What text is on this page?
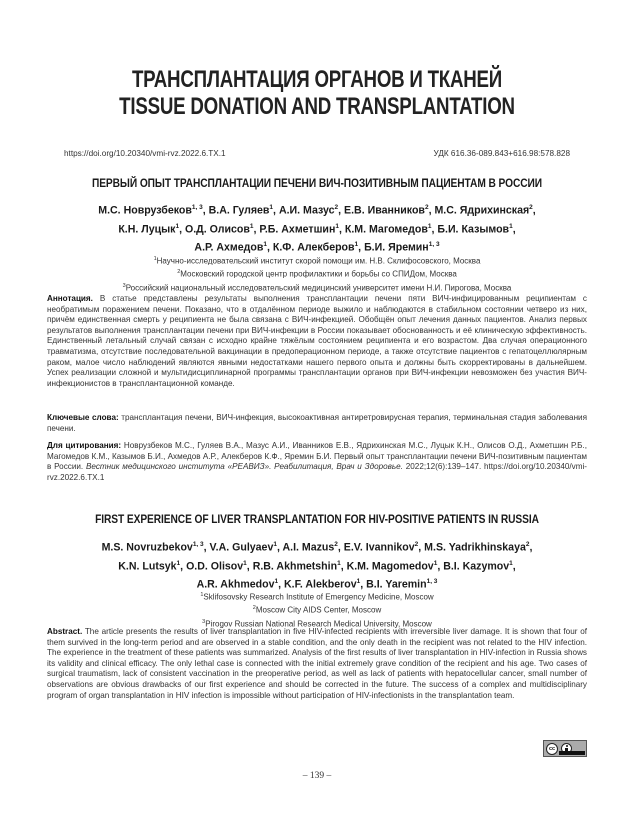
ТРАНСПЛАНТАЦИЯ ОРГАНОВ И ТКАНЕЙ
TISSUE DONATION AND TRANSPLANTATION
https://doi.org/10.20340/vmi-rvz.2022.6.TX.1	УДК 616.36-089.843+616.98:578.828
ПЕРВЫЙ ОПЫТ ТРАНСПЛАНТАЦИИ ПЕЧЕНИ ВИЧ-ПОЗИТИВНЫМ ПАЦИЕНТАМ В РОССИИ
М.С. Новрузбеков$^{1, 3}$, В.А. Гуляев$^1$, А.И. Мазус$^2$, Е.В. Иванников$^2$, М.С. Ядрихинская$^2$,
К.Н. Луцык$^1$, О.Д. Олисов$^1$, Р.Б. Ахметшин$^1$, К.М. Магомедов$^1$, Б.И. Казымов$^1$,
А.Р. Ахмедов$^1$, К.Ф. Алекберов$^1$, Б.И. Яремин$^{1, 3}$
$^1$Научно-исследовательский институт скорой помощи им. Н.В. Склифосовского, Москва
$^2$Московский городской центр профилактики и борьбы со СПИДом, Москва
$^3$Российский национальный исследовательский медицинский университет имени Н.И. Пирогова, Москва
Аннотация. В статье представлены результаты выполнения трансплантации печени пяти ВИЧ-инфицированным реципиентам с необратимым поражением печени. Показано, что в отдалённом периоде выжило и наблюдаются в стабильном состоянии четверо из них, причём единственная смерть у реципиента не была связана с ВИЧ-инфекцией. Обобщён опыт лечения данных пациентов. Анализ первых результатов выполнения трансплантации печени при ВИЧ-инфекции в России показывает обоснованность и её клиническую эффективность. Единственный летальный случай связан с исходно крайне тяжёлым состоянием реципиента и его возрастом. Два случая операционного травматизма, отсутствие последовательной вакцинации в предоперационном периоде, а также отсутствие пациентов с гепатоцеллюлярным раком, малое число наблюдений являются явными недостатками нашего первого опыта и должны быть скорректированы в дальнейшем. Успех реализации сложной и мультидисциплинарной программы трансплантации органов при ВИЧ-инфекции невозможен без участия ВИЧ-инфекционистов в трансплантационной команде.
Ключевые слова: трансплантация печени, ВИЧ-инфекция, высокоактивная антиретровирусная терапия, терминальная стадия заболевания печени.
Для цитирования: Новрузбеков М.С., Гуляев В.А., Мазус А.И., Иванников Е.В., Ядрихинская М.С., Луцык К.Н., Олисов О.Д., Ахметшин Р.Б., Магомедов К.М., Казымов Б.И., Ахмедов А.Р., Алекберов К.Ф., Яремин Б.И. Первый опыт трансплантации печени ВИЧ-позитивным пациентам в России. Вестник медицинского института «РЕАВИЗ». Реабилитация, Врач и Здоровье. 2022;12(6):139–147. https://doi.org/10.20340/vmi-rvz.2022.6.TX.1
FIRST EXPERIENCE OF LIVER TRANSPLANTATION FOR HIV-POSITIVE PATIENTS IN RUSSIA
M.S. Novruzbekov$^{1, 3}$, V.A. Gulyaev$^1$, A.I. Mazus$^2$, E.V. Ivannikov$^2$, M.S. Yadrikhinskaya$^2$,
K.N. Lutsyk$^1$, O.D. Olisov$^1$, R.B. Akhmetshin$^1$, K.M. Magomedov$^1$, B.I. Kazymov$^1$,
A.R. Akhmedov$^1$, K.F. Alekberov$^1$, B.I. Yaremin$^{1, 3}$
$^1$Sklifosovsky Research Institute of Emergency Medicine, Moscow
$^2$Moscow City AIDS Center, Moscow
$^3$Pirogov Russian National Research Medical University, Moscow
Abstract. The article presents the results of liver transplantation in five HIV-infected recipients with irreversible liver damage. It is shown that four of them survived in the long-term period and are observed in a stable condition, and the only death in the recipient was not related to the HIV infection. The experience in the treatment of these patients was summarized. Analysis of the first results of liver transplantation in HIV-infection in Russia shows its validity and clinical efficacy. The only lethal case is connected with the initial extremely grave condition of the recipient and his age. Two cases of surgical traumatism, lack of consistent vaccination in the preoperative period, as well as lack of patients with hepatocellular cancer, small number of observations are obvious drawbacks of our first experience and should be corrected in the future. The success of a complex and multidisciplinary program of organ transplantation in HIV infection is impossible without participation of HIV-infectionists in the transplantation team.
cc
– 139 –
